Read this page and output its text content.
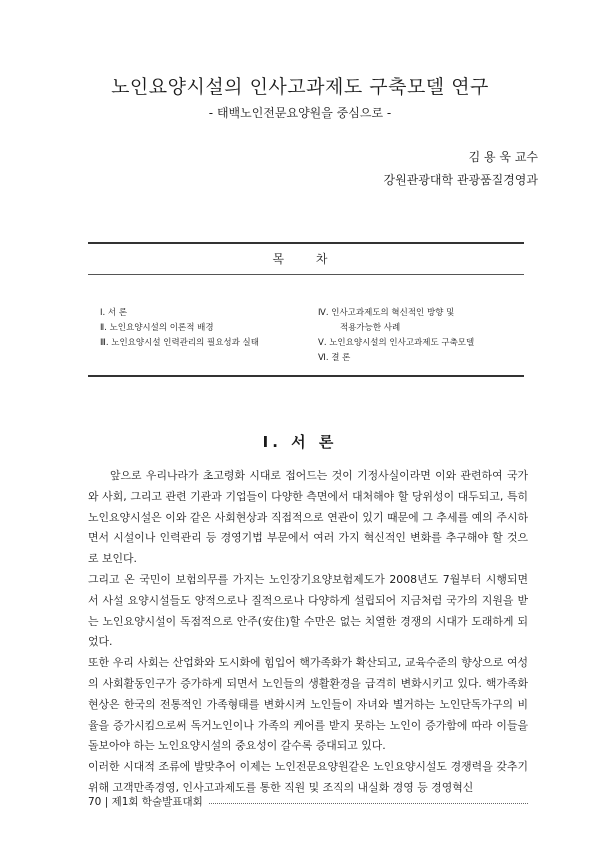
노인요양시설의 인사고과제도 구축모델 연구
- 태백노인전문요양원을 중심으로 -
김 용 욱 교수
강원관광대학 관광품질경영과
목 차
Ⅰ. 서 론
Ⅱ. 노인요양시설의 이론적 배경
Ⅲ. 노인요양시설 인력관리의 필요성과 실태
Ⅳ. 인사고과제도의 혁신적인 방향 및
적용가능한 사례
Ⅴ. 노인요양시설의 인사고과제도 구축모델
Ⅵ. 결 론
Ⅰ. 서 론

앞으로 우리나라가 초고령화 시대로 접어드는 것이 기정사실이라면 이와 관련하여 국가와 사회, 그리고 관련 기관과 기업들이 다양한 측면에서 대처해야 할 당위성이 대두되고, 특히 노인요양시설은 이와 같은 사회현상과 직접적으로 연관이 있기 때문에 그 추세를 예의 주시하면서 시설이나 인력관리 등 경영기법 부문에서 여러 가지 혁신적인 변화를 추구해야 할 것으로 보인다.

그리고 온 국민이 보험의무를 가지는 노인장기요양보험제도가 2008년도 7월부터 시행되면서 사설 요양시설들도 양적으로나 질적으로나 다양하게 설립되어 지금처럼 국가의 지원을 받는 노인요양시설이 독점적으로 안주(安住)할 수만은 없는 치열한 경쟁의 시대가 도래하게 되었다.

또한 우리 사회는 산업화와 도시화에 힘입어 핵가족화가 확산되고, 교육수준의 향상으로 여성의 사회활동인구가 증가하게 되면서 노인들의 생활환경을 급격히 변화시키고 있다. 핵가족화 현상은 한국의 전통적인 가족형태를 변화시켜 노인들이 자녀와 별거하는 노인단독가구의 비율을 증가시킴으로써 독거노인이나 가족의 케어를 받지 못하는 노인이 증가함에 따라 이들을 돌보아야 하는 노인요양시설의 중요성이 갈수록 증대되고 있다.

이러한 시대적 조류에 발맞추어 이제는 노인전문요양원같은 노인요양시설도 경쟁력을 갖추기 위해 고객만족경영, 인사고과제도를 통한 직원 및 조직의 내실화 경영 등 경영혁신

70 | 제1회 학술발표대회
